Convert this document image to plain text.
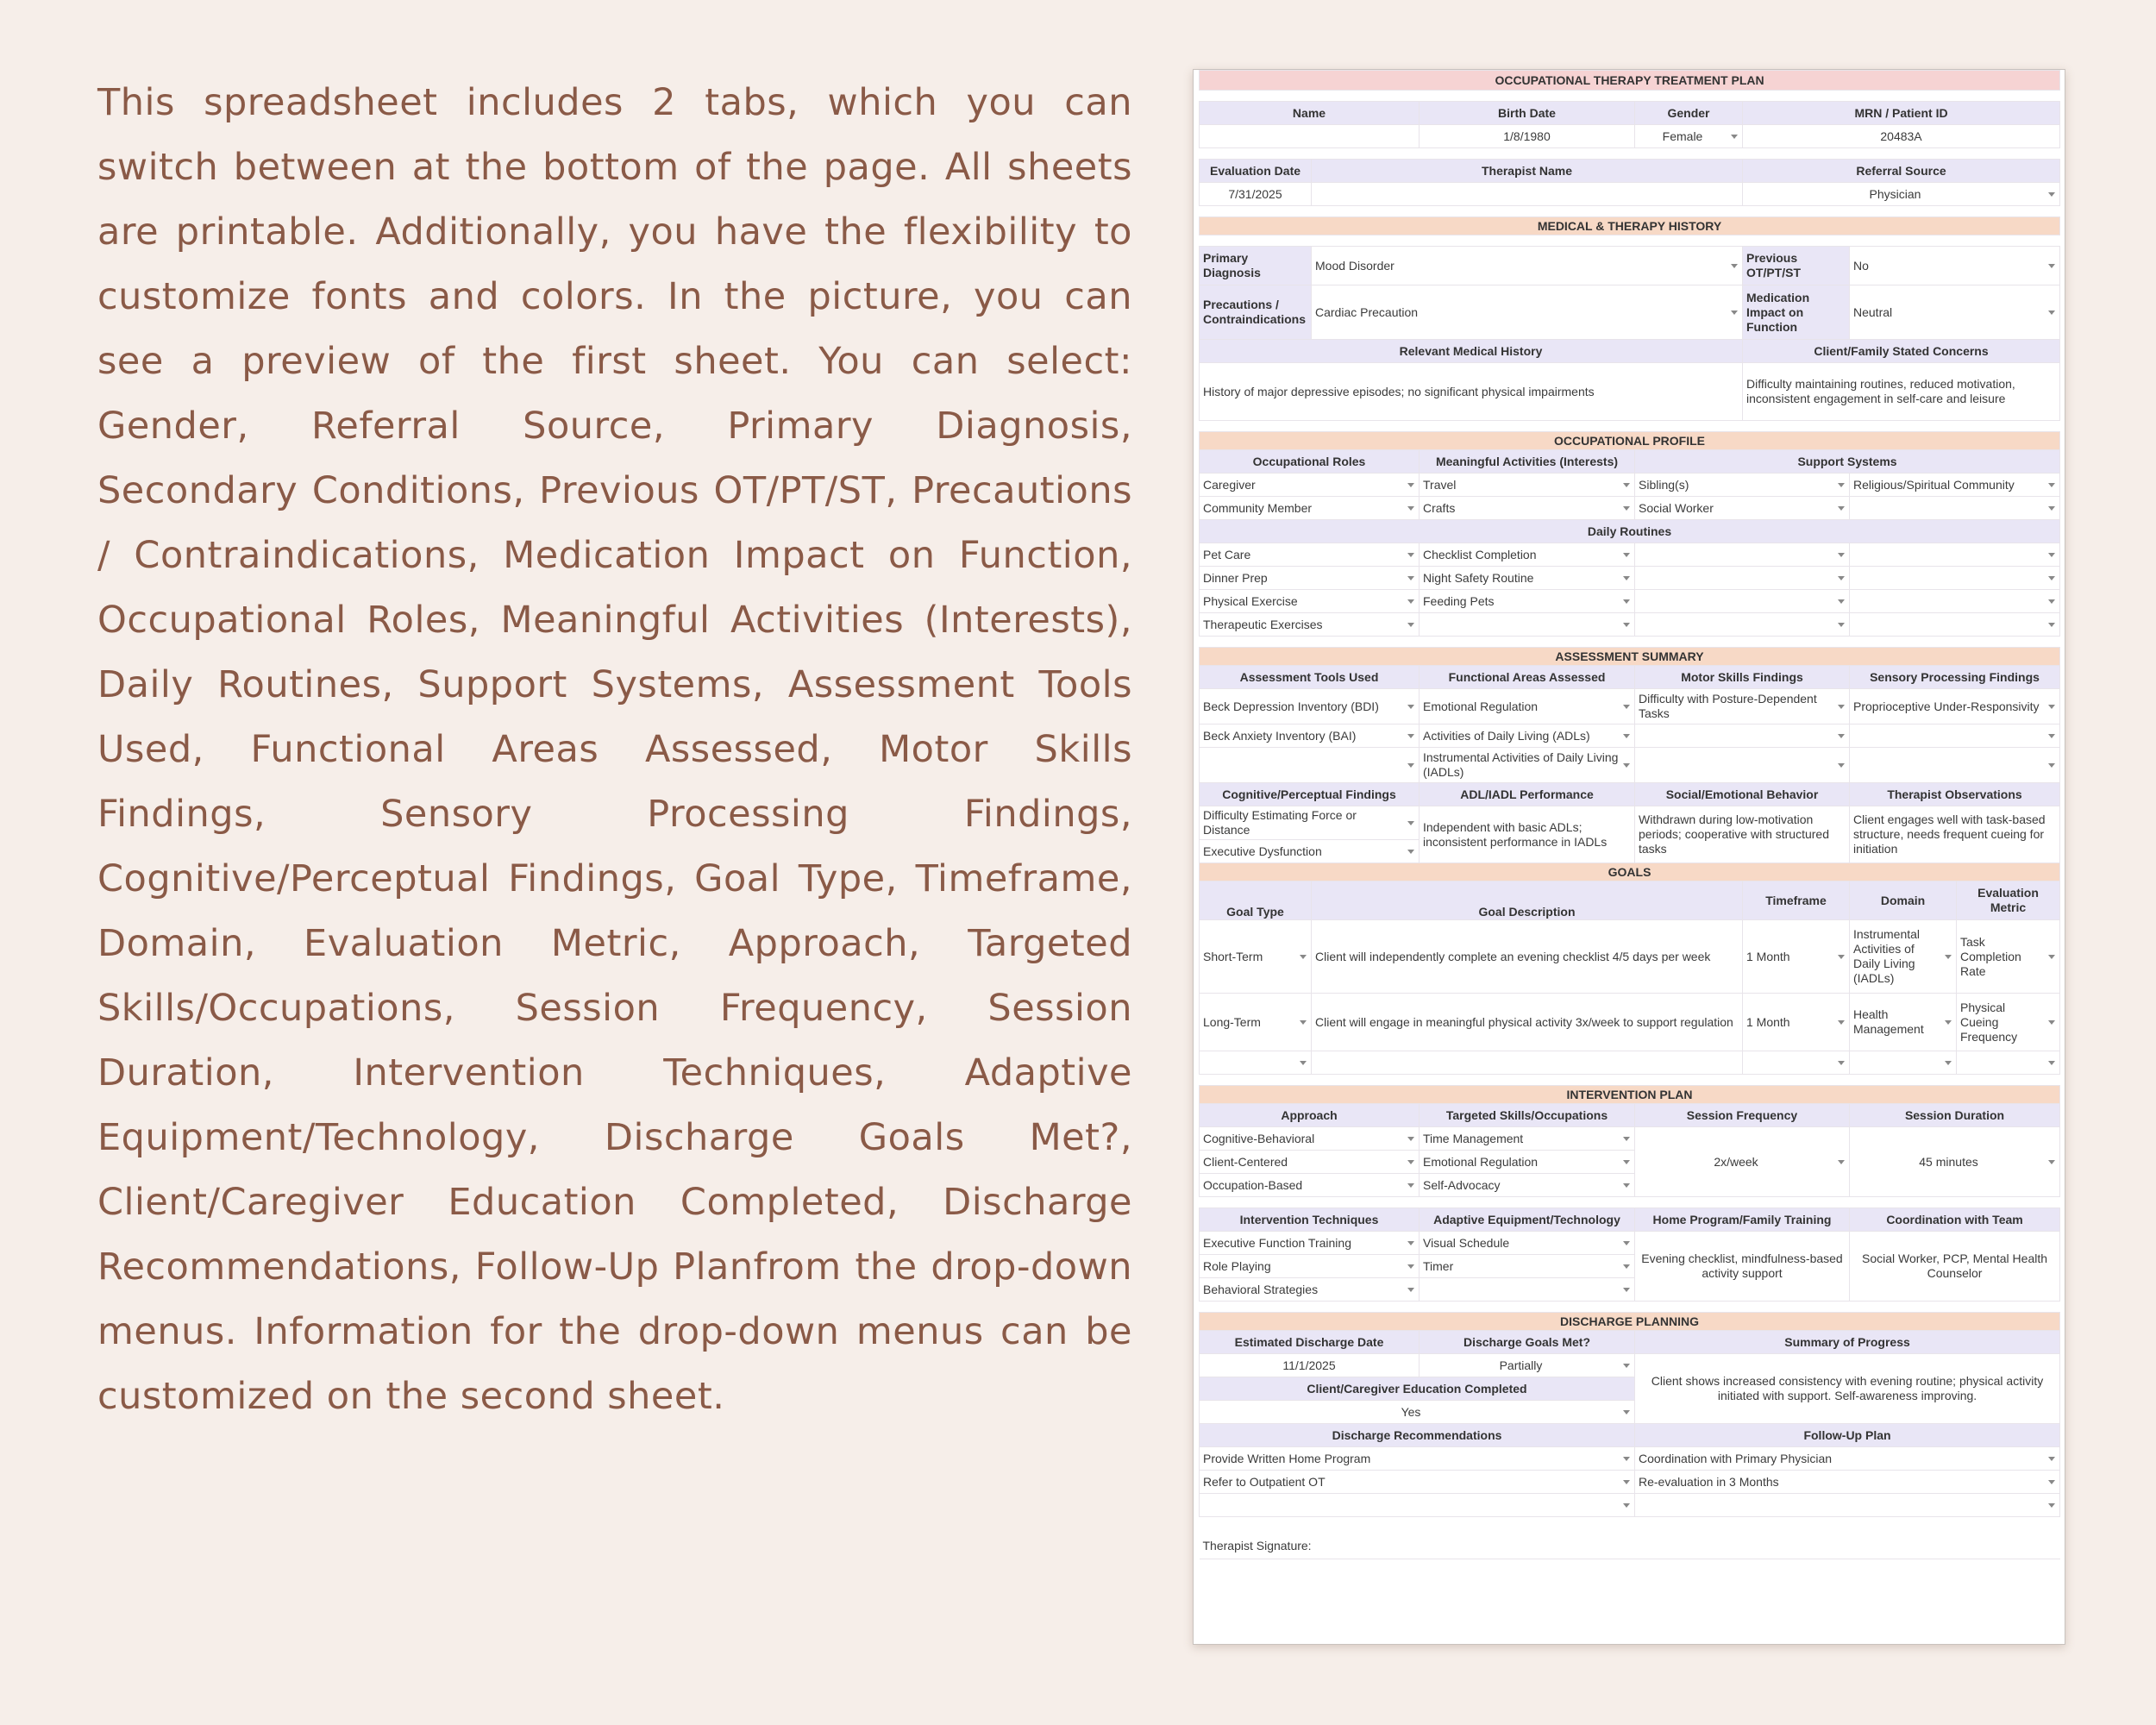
This spreadsheet includes 2 tabs, which you can switch between at the bottom of the page. All sheets are printable. Additionally, you have the flexibility to customize fonts and colors. In the picture, you can see a preview of the first sheet. You can select: Gender, Referral Source, Primary Diagnosis, Secondary Conditions, Previous OT/PT/ST, Precautions / Contraindications, Medication Impact on Function, Occupational Roles, Meaningful Activities (Interests), Daily Routines, Support Systems, Assessment Tools Used, Functional Areas Assessed, Motor Skills Findings, Sensory Processing Findings, Cognitive/Perceptual Findings, Goal Type, Timeframe, Domain, Evaluation Metric, Approach, Targeted Skills/Occupations, Session Frequency, Session Duration, Intervention Techniques, Adaptive Equipment/Technology, Discharge Goals Met?, Client/Caregiver Education Completed, Discharge Recommendations, Follow-Up Planfrom the drop-down menus. Information for the drop-down menus can be customized on the second sheet.

OCCUPATIONAL THERAPY TREATMENT PLAN						

Name		Birth Date	Gender	MRN / Patient ID		
		1/8/1980	Female	20483A		

Evaluation Date	Therapist Name			Referral Source		
7/31/2025				Physician		

MEDICAL & THERAPY HISTORY						

Primary Diagnosis	Mood Disorder			Previous OT/PT/ST	No	

Precautions / Contraindications	Cardiac Precaution			Medication Impact on Function	Neutral	

Relevant Medical History				Client/Family Stated Concerns		
History of major depressive episodes; no significant physical impairments				Difficulty maintaining routines, reduced motivation, inconsistent engagement in self-care and leisure		

OCCUPATIONAL PROFILE						
Occupational Roles		Meaningful Activities (Interests)	Support Systems			
Caregiver		Travel	Sibling(s)		Religious/Spiritual Community	

Community Member		Crafts	Social Worker		

Daily Routines						
Pet Care		Checklist Completion		

Dinner Prep		Night Safety Routine		

Physical Exercise		Feeding Pets		

Therapeutic Exercises			

ASSESSMENT SUMMARY						
Assessment Tools Used		Functional Areas Assessed	Motor Skills Findings		Sensory Processing Findings	
Beck Depression Inventory (BDI)		Emotional Regulation	Difficulty with Posture-Dependent Tasks		Proprioceptive Under-Responsivity	

Beck Anxiety Inventory (BAI)		Activities of Daily Living (ADLs)		

		Instrumental Activities of Daily Living (IADLs)		

Cognitive/Perceptual Findings		ADL/IADL Performance	Social/Emotional Behavior		Therapist Observations	
Difficulty Estimating Force or Distance		Independent with basic ADLs; inconsistent performance in IADLs	Withdrawn during low-motivation periods; cooperative with structured tasks		Client engages well with task-based structure, needs frequent cueing for initiation	
Executive Dysfunction						

GOALS						
Goal Type	Goal Description			Timeframe	Domain	Evaluation Metric
Short-Term	Client will independently complete an evening checklist 4/5 days per week			1 Month	Instrumental Activities of Daily Living (IADLs)	Task Completion Rate

Long-Term	Client will engage in meaningful physical activity 3x/week to support regulation			1 Month	Health Management	Physical Cueing Frequency

INTERVENTION PLAN						
Approach		Targeted Skills/Occupations	Session Frequency		Session Duration	
Cognitive-Behavioral		Time Management	2x/week		45 minutes	

Client-Centered		Emotional Regulation				

Occupation-Based		Self-Advocacy				

Intervention Techniques		Adaptive Equipment/Technology	Home Program/Family Training		Coordination with Team	
Executive Function Training		Visual Schedule	Evening checklist, mindfulness-based activity support		Social Worker, PCP, Mental Health Counselor	
Role Playing		Timer				

Behavioral Strategies					

DISCHARGE PLANNING						
Estimated Discharge Date		Discharge Goals Met?	Summary of Progress			
11/1/2025		Partially	Client shows increased consistency with evening routine; physical activity initiated with support. Self-awareness improving.			
Client/Caregiver Education Completed						
Yes						

Discharge Recommendations			Follow-Up Plan			
Provide Written Home Program			Coordination with Primary Physician			

Refer to Outpatient OT			Re-evaluation in 3 Months			

Therapist Signature:						
